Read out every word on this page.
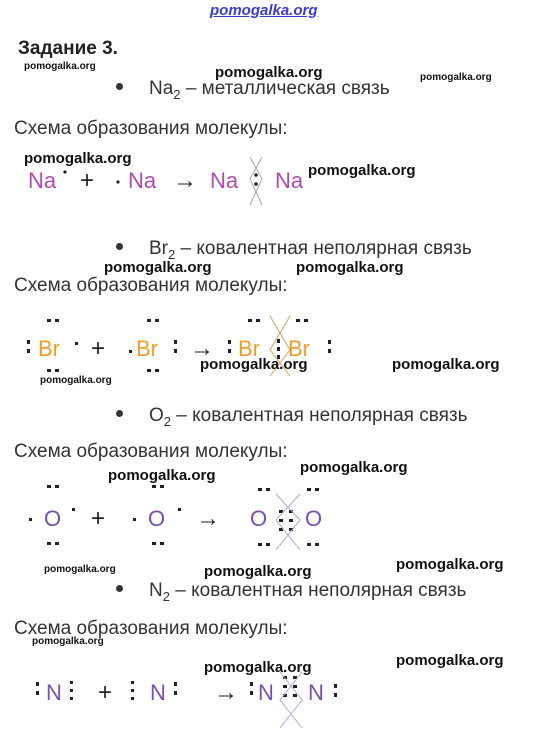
pomogalka.org
Задание 3.
pomogalka.org	pomogalka.org	pomogalka.org
$Na_2$ – металлическая связь
Схема образования молекулы:
pomogalka.org
pomogalka.org
Na + Na → Na Na
$Br_2$ – ковалентная неполярная связь
pomogalka.org	pomogalka.org
Схема образования молекулы:
Br + Br → Br Br
pomogalka.org
pomogalka.org	pomogalka.org
$O_2$ – ковалентная неполярная связь
Схема образования молекулы:
pomogalka.org
pomogalka.org
O + O → O O
pomogalka.org	pomogalka.org	pomogalka.org
$N_2$ – ковалентная неполярная связь
Схема образования молекулы:
pomogalka.org
pomogalka.org
pomogalka.org
N + N → N N
